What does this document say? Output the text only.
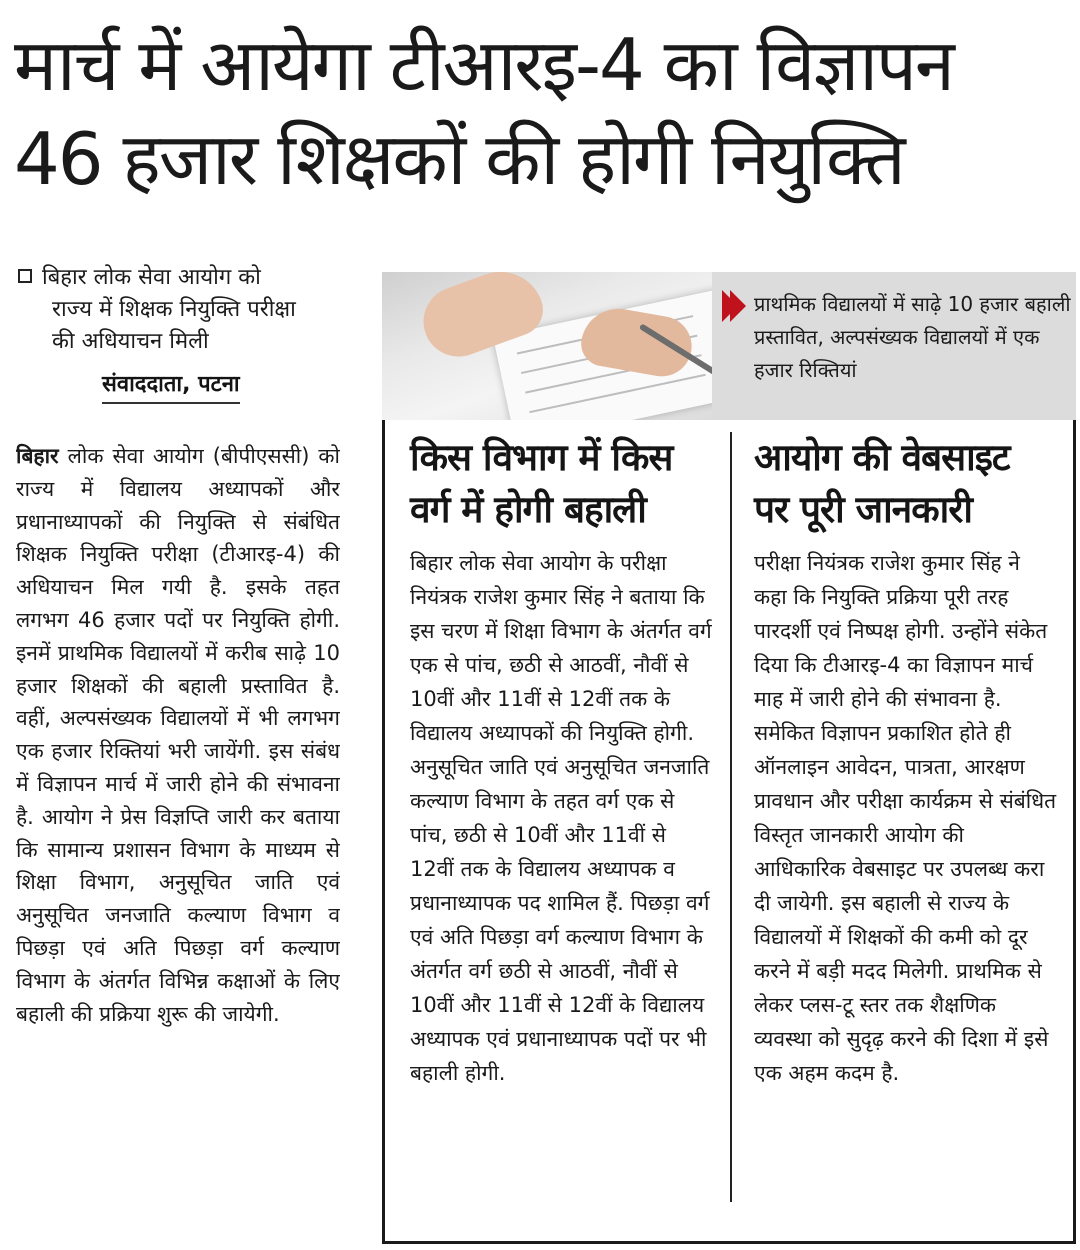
मार्च में आयेगा टीआरइ-4 का विज्ञापन
46 हजार शिक्षकों की होगी नियुक्ति
बिहार लोक सेवा आयोग को
राज्य में शिक्षक नियुक्ति परीक्षा
की अधियाचन मिली
संवाददाता, पटना
बिहार लोक सेवा आयोग (बीपीएससी) को राज्य में विद्यालय अध्यापकों और प्रधानाध्यापकों की नियुक्ति से संबंधित शिक्षक नियुक्ति परीक्षा (टीआरइ-4) की अधियाचन मिल गयी है. इसके तहत लगभग 46 हजार पदों पर नियुक्ति होगी. इनमें प्राथमिक विद्यालयों में करीब साढ़े 10 हजार शिक्षकों की बहाली प्रस्तावित है. वहीं, अल्पसंख्यक विद्यालयों में भी लगभग एक हजार रिक्तियां भरी जायेंगी. इस संबंध में विज्ञापन मार्च में जारी होने की संभावना है. आयोग ने प्रेस विज्ञप्ति जारी कर बताया कि सामान्य प्रशासन विभाग के माध्यम से शिक्षा विभाग, अनुसूचित जाति एवं अनुसूचित जनजाति कल्याण विभाग व पिछड़ा एवं अति पिछड़ा वर्ग कल्याण विभाग के अंतर्गत विभिन्न कक्षाओं के लिए बहाली की प्रक्रिया शुरू की जायेगी.
प्राथमिक विद्यालयों में साढ़े 10 हजार बहाली प्रस्तावित, अल्पसंख्यक विद्यालयों में एक हजार रिक्तियां
किस विभाग में किस वर्ग में होगी बहाली
बिहार लोक सेवा आयोग के परीक्षा नियंत्रक राजेश कुमार सिंह ने बताया कि इस चरण में शिक्षा विभाग के अंतर्गत वर्ग एक से पांच, छठी से आठवीं, नौवीं से 10वीं और 11वीं से 12वीं तक के विद्यालय अध्यापकों की नियुक्ति होगी. अनुसूचित जाति एवं अनुसूचित जनजाति कल्याण विभाग के तहत वर्ग एक से पांच, छठी से 10वीं और 11वीं से 12वीं तक के विद्यालय अध्यापक व प्रधानाध्यापक पद शामिल हैं. पिछड़ा वर्ग एवं अति पिछड़ा वर्ग कल्याण विभाग के अंतर्गत वर्ग छठी से आठवीं, नौवीं से 10वीं और 11वीं से 12वीं के विद्यालय अध्यापक एवं प्रधानाध्यापक पदों पर भी बहाली होगी.
आयोग की वेबसाइट पर पूरी जानकारी
परीक्षा नियंत्रक राजेश कुमार सिंह ने कहा कि नियुक्ति प्रक्रिया पूरी तरह पारदर्शी एवं निष्पक्ष होगी. उन्होंने संकेत दिया कि टीआरइ-4 का विज्ञापन मार्च माह में जारी होने की संभावना है. समेकित विज्ञापन प्रकाशित होते ही ऑनलाइन आवेदन, पात्रता, आरक्षण प्रावधान और परीक्षा कार्यक्रम से संबंधित विस्तृत जानकारी आयोग की आधिकारिक वेबसाइट पर उपलब्ध करा दी जायेगी. इस बहाली से राज्य के विद्यालयों में शिक्षकों की कमी को दूर करने में बड़ी मदद मिलेगी. प्राथमिक से लेकर प्लस-टू स्तर तक शैक्षणिक व्यवस्था को सुदृढ़ करने की दिशा में इसे एक अहम कदम है.
